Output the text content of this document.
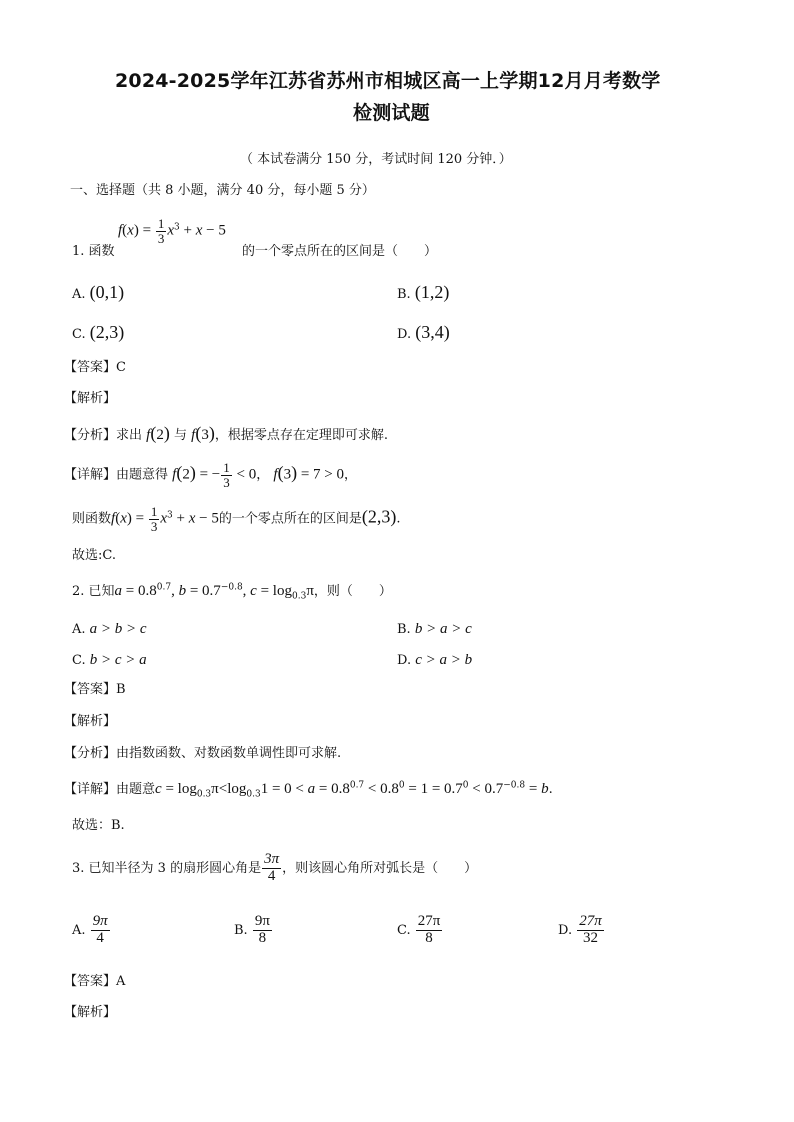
2024-2025学年江苏省苏州市相城区高一上学期12月月考数学
检测试题
（ 本试卷满分 150 分，考试时间 120 分钟．）
一、选择题（共 8 小题，满分 40 分，每小题 5 分）
1. 函数
$f(x) = \frac{1}{3} x^3 + x - 5$
的一个零点所在的区间是（　　）
A. (0,1)	B. (1,2)
C. (2,3)	D. (3,4)
【答案】C
【解析】
【分析】求出 f(2) 与 f(3)，根据零点存在定理即可求解.
【详解】由题意得 f(2) = − $\frac{1}{3} < 0$， f(3) = 7 > 0，
则函数$f(x) = \frac{1}{3} x^3 + x - 5$的一个零点所在的区间是(2,3).
故选:C.
2. 已知$a = 0.8^{0.7}$, $b = 0.7^{-0.8}$, $c = \log_{0.3}\pi$，则（　　）
A. a > b > c	B. b > a > c
C. b > c > a	D. c > a > b
【答案】B
【解析】
【分析】由指数函数、对数函数单调性即可求解.
【详解】由题意$c = \log_{0.3}\pi<\log_{0.3}1 = 0 < a = 0.8^{0.7} < 0.8^0 = 1 = 0.7^0 < 0.7^{-0.8} = b$.
故选：B.
3. 已知半径为 3 的扇形圆心角是 $\frac{3\pi}{4}$ ，则该圆心角所对弧长是（　　）
A. $\frac{9\pi}{4}$	B. $\frac{9\pi}{8}$	C. $\frac{27\pi}{8}$	D. $\frac{27\pi}{32}$
【答案】A
【解析】
